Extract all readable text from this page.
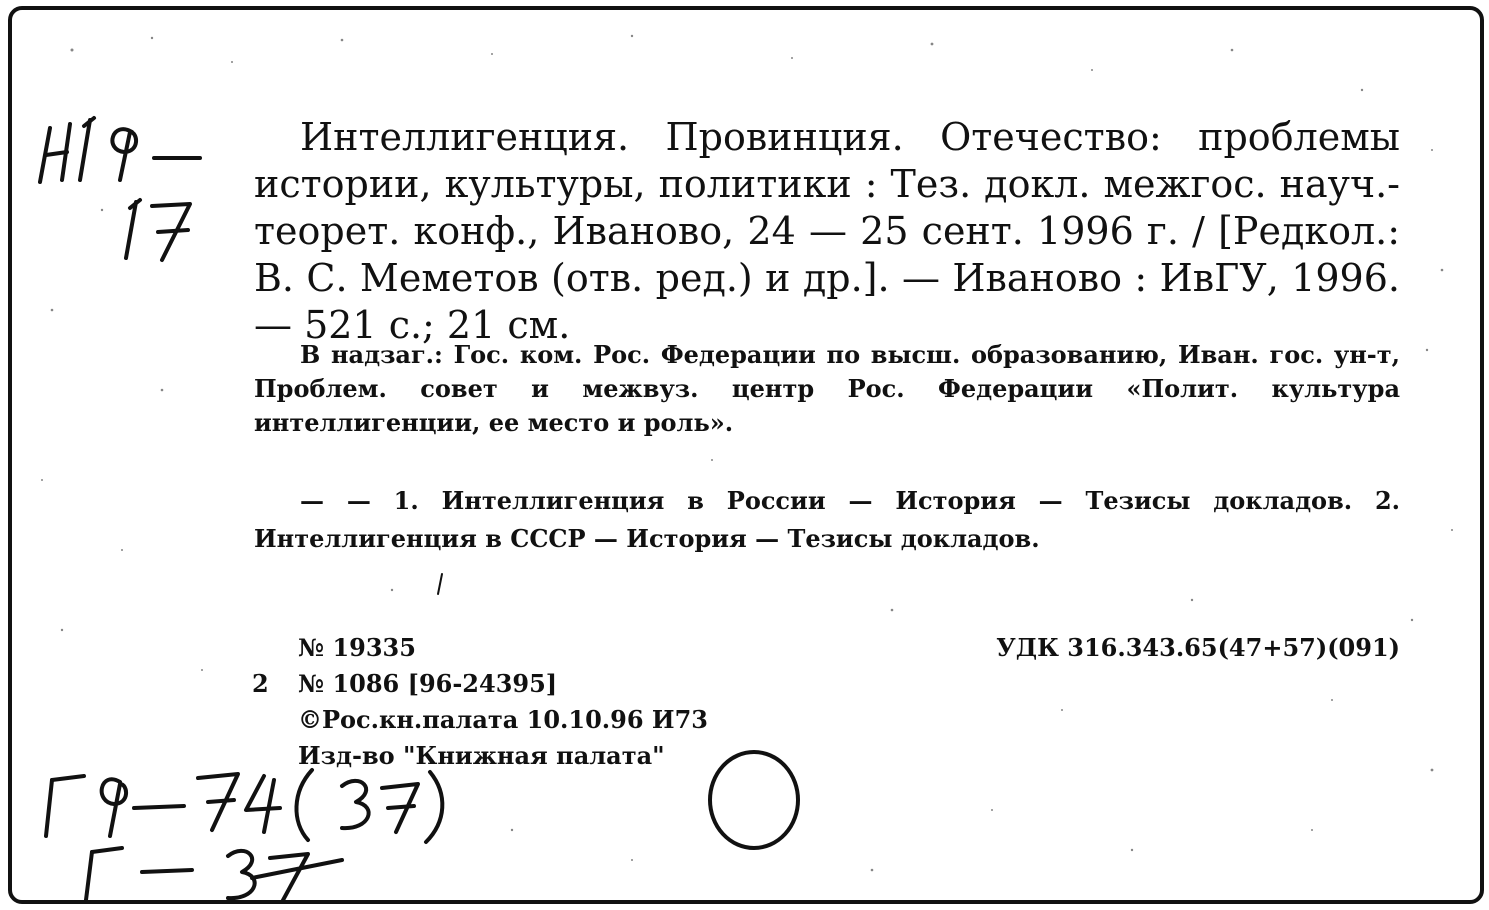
Интеллигенция. Провинция. Отечество: проблемы истории, культуры, политики : Тез. докл. межгос. науч.-теорет. конф., Иваново, 24 — 25 сент. 1996 г. / [Редкол.: В. С. Меметов (отв. ред.) и др.]. — Иваново : ИвГУ, 1996. — 521 с.; 21 см.
В надзаг.: Гос. ком. Рос. Федерации по высш. образованию, Иван. гос. ун-т, Проблем. совет и межвуз. центр Рос. Федерации «Полит. культура интеллигенции, ее место и роль».
— — 1. Интеллигенция в России — История — Тезисы докладов. 2. Интеллигенция в СССР — История — Тезисы докладов.
№ 19335
2	№ 1086 [96-24395]
©Рос.кн.палата 10.10.96 И73
Изд-во "Книжная палата"
УДК 316.343.65(47+57)(091)
